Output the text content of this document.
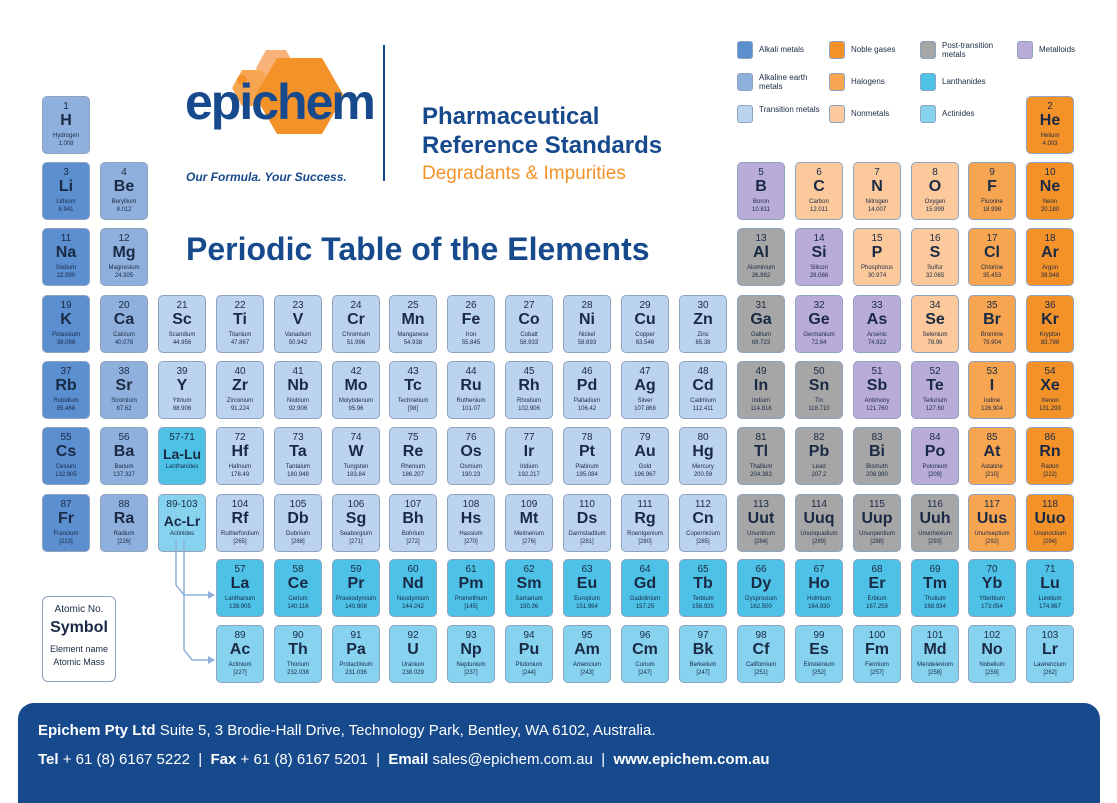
epichem
Our Formula. Your Success.
Pharmaceutical
Reference Standards
Degradants & Impurities
Periodic Table of the Elements
Alkali metals	Noble gases	Post-transition metals
Metalloids
Alkaline earth metals
Halogens	Lanthanides
Transition metals	Nonmetals	Actinides
1
H
Hydrogen
1.008
2
He
Helium
4.003
3
Li
Lithium
6.941
4
Be
Beryllium
9.012
5
B
Boron
10.811
6
C
Carbon
12.011
7
N
Nitrogen
14.007
8
O
Oxygen
15.999
9
F
Fluorine
18.998
10
Ne
Neon
20.180
11
Na
Sodium
22.990
12
Mg
Magnesium
24.305
13
Al
Aluminium
26.982
14
Si
Silicon
28.086
15
P
Phosphorus
30.974
16
S
Sulfur
32.065
17
Cl
Chlorine
35.453
18
Ar
Argon
39.948
19
K
Potassium
39.098
20
Ca
Calcium
40.078
21
Sc
Scandium
44.956
22
Ti
Titanium
47.867
23
V
Vanadium
50.942
24
Cr
Chromium
51.996
25
Mn
Manganese
54.938
26
Fe
Iron
55.845
27
Co
Cobalt
58.933
28
Ni
Nickel
58.693
29
Cu
Copper
63.546
30
Zn
Zinc
65.38
31
Ga
Gallium
69.723
32
Ge
Germanium
72.64
33
As
Arsenic
74.922
34
Se
Selenium
78.96
35
Br
Bromine
79.904
36
Kr
Krypton
83.798
37
Rb
Rubidium
85.468
38
Sr
Strontium
87.62
39
Y
Yttrium
88.906
40
Zr
Zirconium
91.224
41
Nb
Niobium
92.906
42
Mo
Molybdenum
95.96
43
Tc
Technetium
[98]
44
Ru
Ruthenium
101.07
45
Rh
Rhodium
102.906
46
Pd
Palladium
106.42
47
Ag
Silver
107.868
48
Cd
Cadmium
112.411
49
In
Indium
114.818
50
Sn
Tin
118.710
51
Sb
Antimony
121.760
52
Te
Tellurium
127.60
53
I
Iodine
126.904
54
Xe
Xenon
131.293
55
Cs
Cesium
132.905
56
Ba
Barium
137.327
57-71
La-Lu
Lanthanides
72
Hf
Hafnium
178.49
73
Ta
Tantalum
180.948
74
W
Tungsten
183.84
75
Re
Rhenium
186.207
76
Os
Osmium
190.23
77
Ir
Iridium
192.217
78
Pt
Platinum
195.084
79
Au
Gold
196.967
80
Hg
Mercury
200.59
81
Tl
Thallium
204.383
82
Pb
Lead
207.2
83
Bi
Bismuth
208.980
84
Po
Polonium
[209]
85
At
Astatine
[210]
86
Rn
Radon
[222]
87
Fr
Francium
[223]
88
Ra
Radium
[226]
89-103
Ac-Lr
Actinides
104
Rf
Rutherfordium
[265]
105
Db
Dubnium
[268]
106
Sg
Seaborgium
[271]
107
Bh
Bohrium
[272]
108
Hs
Hassium
[270]
109
Mt
Meitnerium
[276]
110
Ds
Darmstadtium
[281]
111
Rg
Roentgenium
[280]
112
Cn
Copernicium
[285]
113
Uut
Ununtrium
[284]
114
Uuq
Ununquadium
[289]
115
Uup
Ununpentium
[288]
116
Uuh
Ununhexium
[293]
117
Uus
Ununseptium
[292]
118
Uuo
Ununoctium
[294]
57
La
Lanthanum
138.905
58
Ce
Cerium
140.116
59
Pr
Praseodymium
140.908
60
Nd
Neodymium
144.242
61
Pm
Promethium
[145]
62
Sm
Samarium
150.36
63
Eu
Europium
151.964
64
Gd
Gadolinium
157.25
65
Tb
Terbium
158.925
66
Dy
Dysprosium
162.500
67
Ho
Holmium
164.930
68
Er
Erbium
167.259
69
Tm
Thulium
168.934
70
Yb
Ytterbium
173.054
71
Lu
Lutetium
174.967
89
Ac
Actinium
[227]
90
Th
Thorium
232.038
91
Pa
Protactinium
231.036
92
U
Uranium
238.029
93
Np
Neptunium
[237]
94
Pu
Plutonium
[244]
95
Am
Americium
[243]
96
Cm
Curium
[247]
97
Bk
Berkelium
[247]
98
Cf
Californium
[251]
99
Es
Einsteinium
[252]
100
Fm
Fermium
[257]
101
Md
Mendelevium
[258]
102
No
Nobelium
[259]
103
Lr
Lawrencium
[262]
Atomic No.
Symbol
Element name
Atomic Mass
Epichem Pty Ltd Suite 5, 3 Brodie-Hall Drive, Technology Park, Bentley, WA 6102, Australia.
Tel + 61 (8) 6167 5222 | Fax + 61 (8) 6167 5201 | Email sales@epichem.com.au | www.epichem.com.au
